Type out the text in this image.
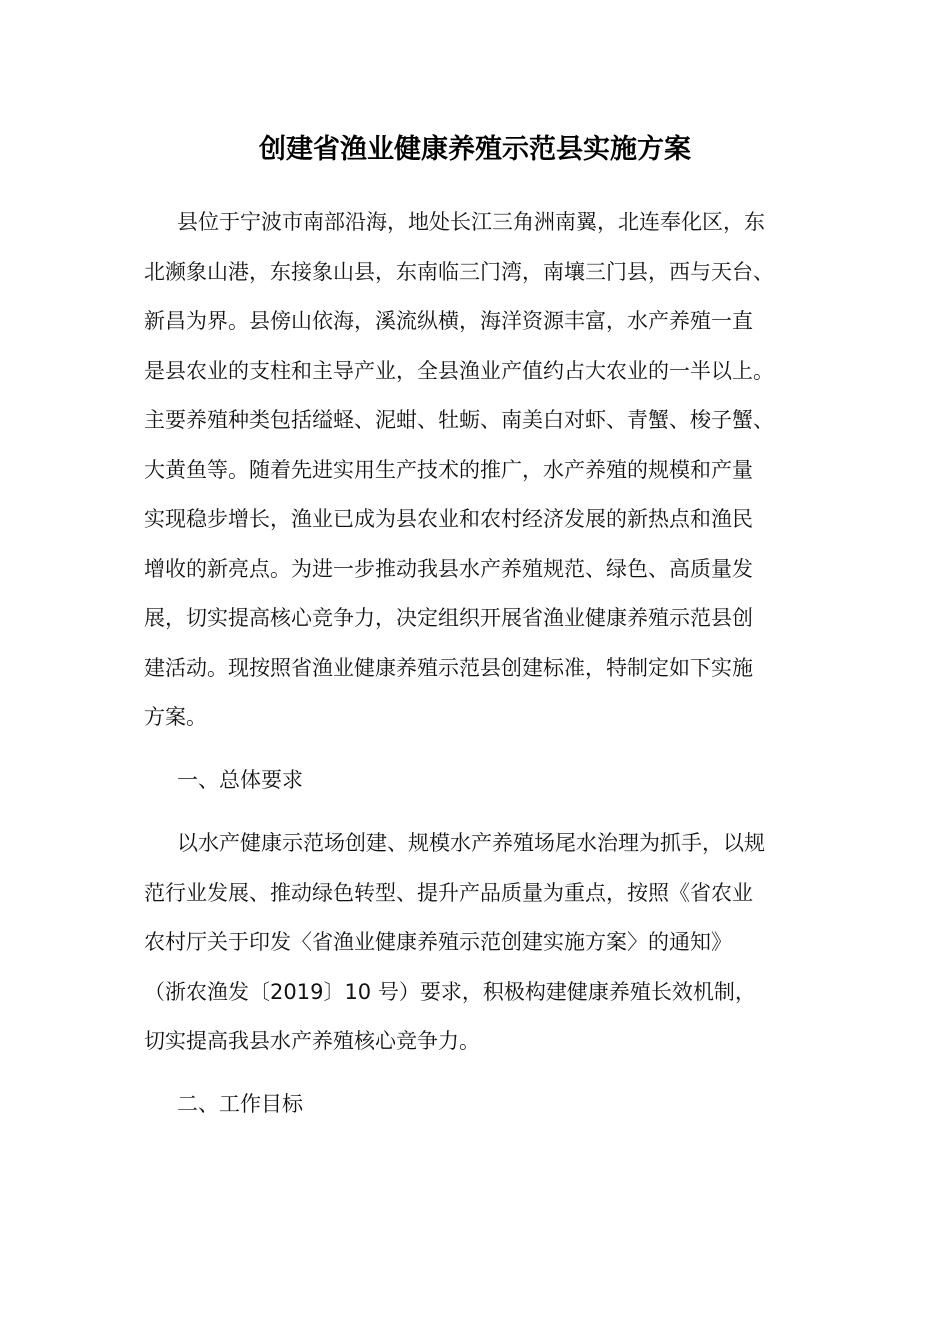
创建省渔业健康养殖示范县实施方案
县位于宁波市南部沿海，地处长江三角洲南翼，北连奉化区，东
北濒象山港，东接象山县，东南临三门湾，南壤三门县，西与天台、
新昌为界。县傍山依海，溪流纵横，海洋资源丰富，水产养殖一直
是县农业的支柱和主导产业，全县渔业产值约占大农业的一半以上。
主要养殖种类包括缢蛏、泥蚶、牡蛎、南美白对虾、青蟹、梭子蟹、
大黄鱼等。随着先进实用生产技术的推广，水产养殖的规模和产量
实现稳步增长，渔业已成为县农业和农村经济发展的新热点和渔民
增收的新亮点。为进一步推动我县水产养殖规范、绿色、高质量发
展，切实提高核心竞争力，决定组织开展省渔业健康养殖示范县创
建活动。现按照省渔业健康养殖示范县创建标准，特制定如下实施
方案。
一、总体要求
以水产健康示范场创建、规模水产养殖场尾水治理为抓手，以规
范行业发展、推动绿色转型、提升产品质量为重点，按照《省农业
农村厅关于印发〈省渔业健康养殖示范创建实施方案〉的通知》
（浙农渔发〔2019〕10 号）要求，积极构建健康养殖长效机制，
切实提高我县水产养殖核心竞争力。
二、工作目标
